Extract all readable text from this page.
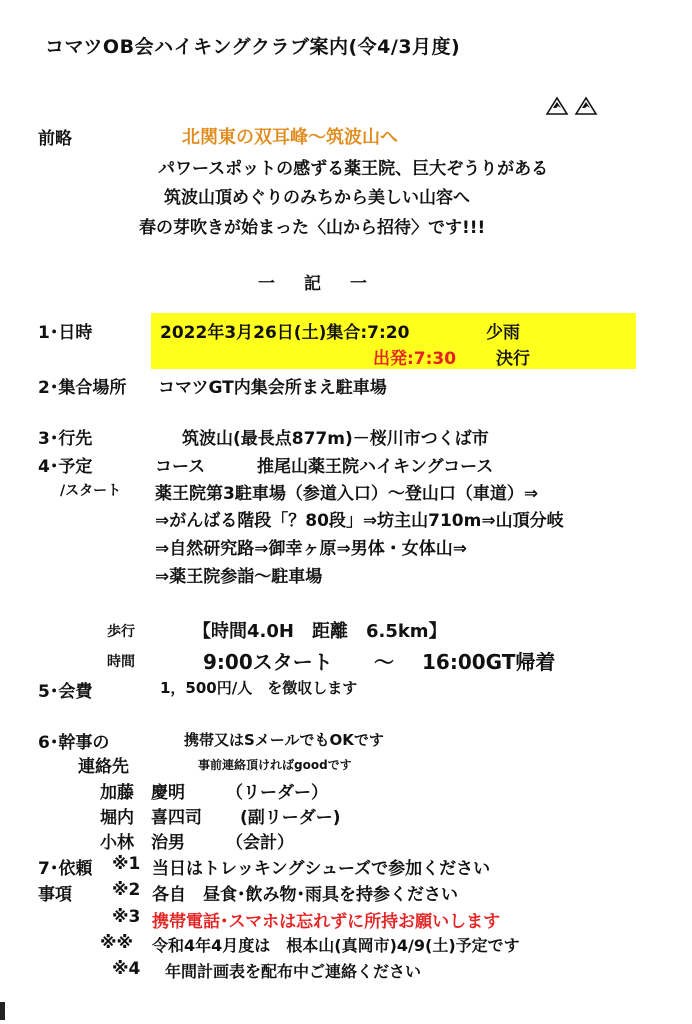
コマツOB会ハイキングクラブ案内(令4/3月度)
前略	北関東の双耳峰～筑波山へ
パワースポットの感ずる薬王院、巨大ぞうりがある
筑波山頂めぐりのみちから美しい山容へ
春の芽吹きが始まった〈山から招待〉です!!!
一　記　一
1･日時	2022年3月26日(土)集合:7:20	少雨
出発:7:30 決行
2･集合場所 コマツGT内集会所まえ駐車場
3･行先	筑波山(最長点877m)－桜川市つくば市
4･予定	コース	推尾山薬王院ハイキングコース
/スタート 薬王院第3駐車場（参道入口）～登山口（車道）⇒
⇒がんばる階段「？80段」⇒坊主山710m⇒山頂分岐
⇒自然研究路⇒御幸ヶ原⇒男体・女体山⇒
⇒薬王院参詣～駐車場
歩行	【時間4.0H　距離　6.5km】
時間	9:00スタート ～ 16:00GT帰着
5･会費	1，500円/人　を徴収します
6･幹事の	携帯又はSメールでもOKです
連絡先	事前連絡頂ければgoodです
加藤　慶明 （リーダー）
堀内　喜四司 (副リーダー)
小林　治男 （会計）
7･依頼
事項
※1 当日はトレッキングシューズで参加ください
※2 各自　昼食･飲み物･雨具を持参ください
※3 携帯電話･スマホは忘れずに所持お願いします
※※ 令和4年4月度は　根本山(真岡市)4/9(土)予定です
※4 年間計画表を配布中ご連絡ください
